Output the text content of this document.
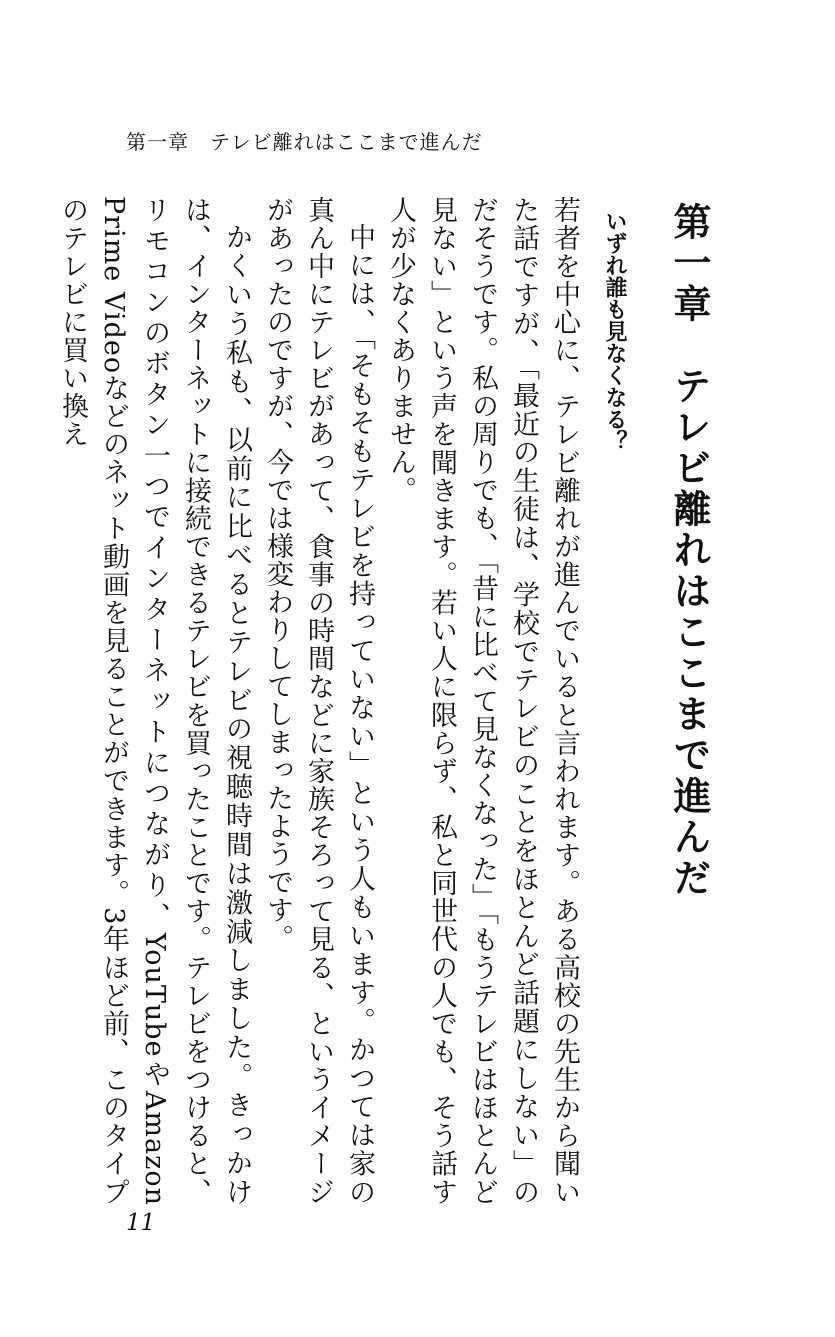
第一章　テレビ離れはここまで進んだ
第一章　テレビ離れはここまで進んだ
いずれ誰も見なくなる？

若者を中心に、テレビ離れが進んでいると言われます。ある高校の先生から聞いた話ですが、「最近の生徒は、学校でテレビのことをほとんど話題にしない」のだそうです。私の周りでも、「昔に比べて見なくなった」「もうテレビはほとんど見ない」という声を聞きます。若い人に限らず、私と同世代の人でも、そう話す人が少なくありません。

中には、「そもそもテレビを持っていない」という人もいます。かつては家の真ん中にテレビがあって、食事の時間などに家族そろって見る、というイメージがあったのですが、今では様変わりしてしまったようです。

かくいう私も、以前に比べるとテレビの視聴時間は激減しました。きっかけは、インターネットに接続できるテレビを買ったことです。テレビをつけると、リモコンのボタン一つでインターネットにつながり、YouTubeやAmazon Prime Videoなどのネット動画を見ることができます。3年ほど前、このタイプのテレビに買い換え

11
